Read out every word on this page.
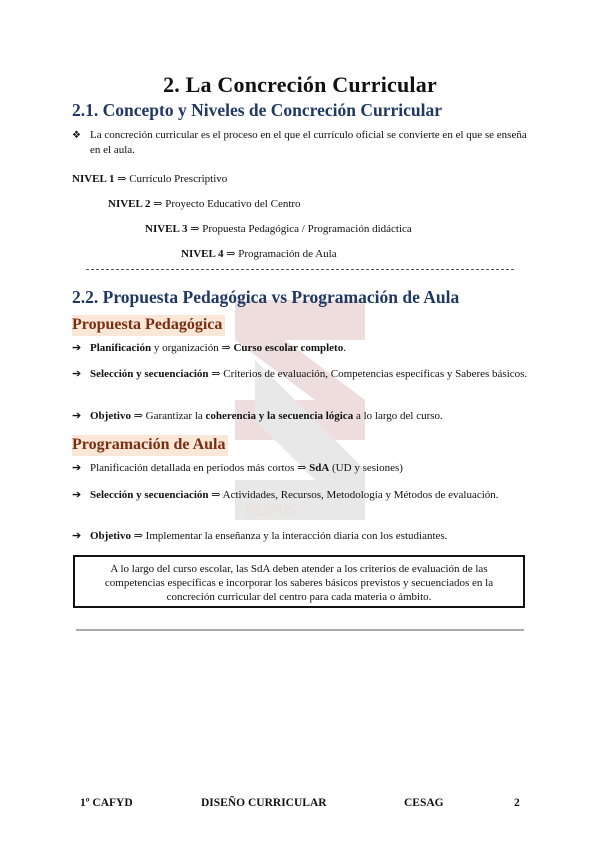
CESPUS
2. La Concreción Curricular
2.1. Concepto y Niveles de Concreción Curricular
❖ La concreción curricular es el proceso en el que el currículo oficial se convierte en el que se enseña en el aula.
NIVEL 1 ⇒ Currículo Prescriptivo
NIVEL 2 ⇒ Proyecto Educativo del Centro
NIVEL 3 ⇒ Propuesta Pedagógica / Programación didáctica
NIVEL 4 ⇒ Programación de Aula
2.2. Propuesta Pedagógica vs Programación de Aula
Propuesta Pedagógica
➔ Planificación y organización ⇒ Curso escolar completo.
➔ Selección y secuenciación ⇒ Criterios de evaluación, Competencias específicas y Saberes básicos.
➔ Objetivo ⇒ Garantizar la coherencia y la secuencia lógica a lo largo del curso.
Programación de Aula
➔ Planificación detallada en períodos más cortos ⇒ SdA (UD y sesiones)
➔ Selección y secuenciación ⇒ Actividades, Recursos, Metodología y Métodos de evaluación.
➔ Objetivo ⇒ Implementar la enseñanza y la interacción diaria con los estudiantes.
A lo largo del curso escolar, las SdA deben atender a los criterios de evaluación de las competencias específicas e incorporar los saberes básicos previstos y secuenciados en la concreción curricular del centro para cada materia o ámbito.
1º CAFYD	DISEÑO CURRICULAR	CESAG	2
